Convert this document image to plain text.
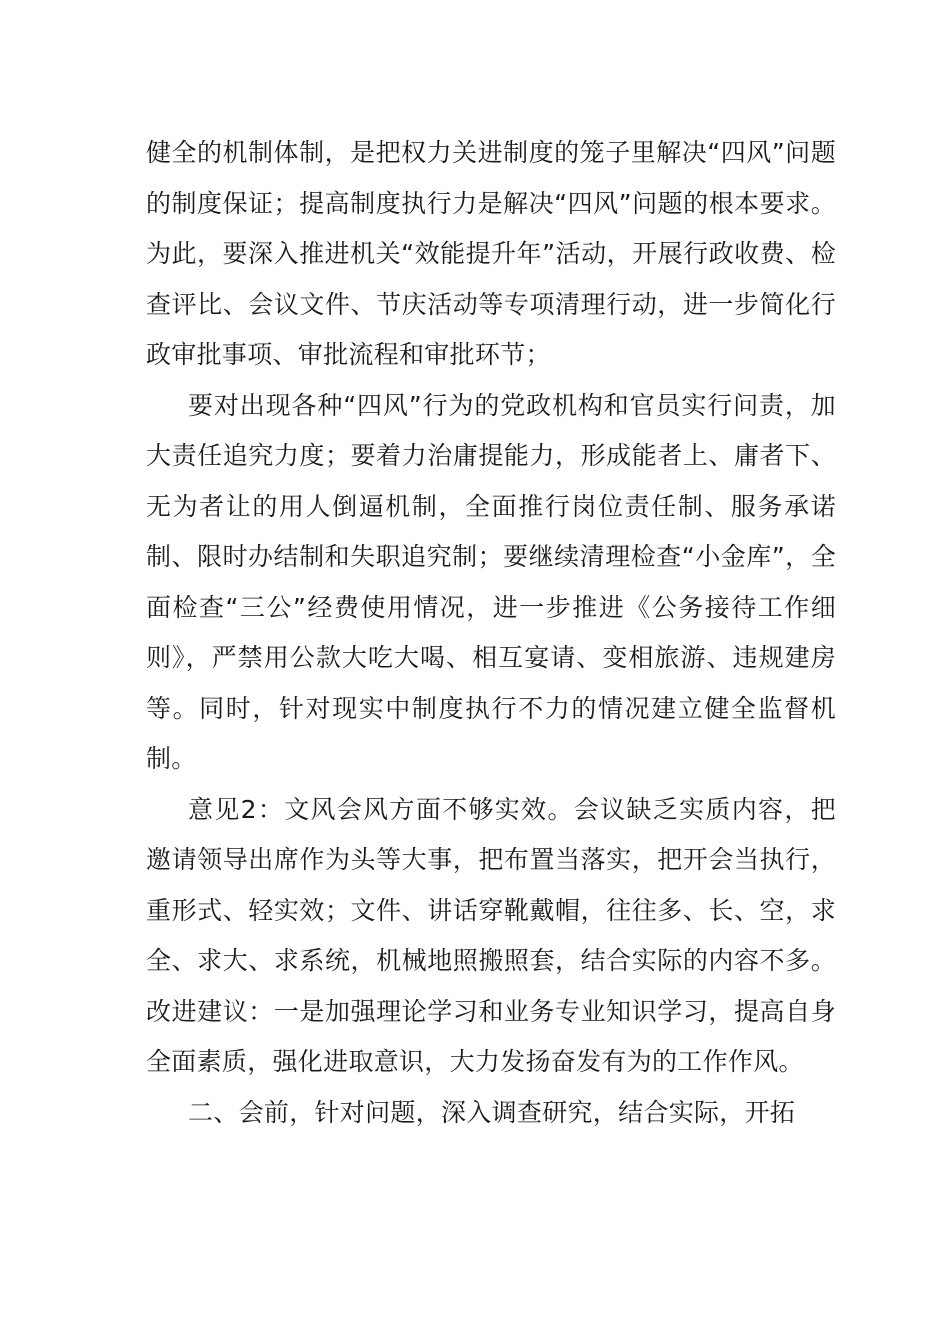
健全的机制体制，是把权力关进制度的笼子里解决“四风”问题的制度保证；提高制度执行力是解决“四风”问题的根本要求。为此，要深入推进机关“效能提升年”活动，开展行政收费、检查评比、会议文件、节庆活动等专项清理行动，进一步简化行政审批事项、审批流程和审批环节；

要对出现各种“四风”行为的党政机构和官员实行问责，加大责任追究力度；要着力治庸提能力，形成能者上、庸者下、无为者让的用人倒逼机制，全面推行岗位责任制、服务承诺制、限时办结制和失职追究制；要继续清理检查“小金库”，全面检查“三公”经费使用情况，进一步推进《公务接待工作细则》，严禁用公款大吃大喝、相互宴请、变相旅游、违规建房等。同时，针对现实中制度执行不力的情况建立健全监督机制。

意见2：文风会风方面不够实效。会议缺乏实质内容，把邀请领导出席作为头等大事，把布置当落实，把开会当执行，重形式、轻实效；文件、讲话穿靴戴帽，往往多、长、空，求全、求大、求系统，机械地照搬照套，结合实际的内容不多。改进建议：一是加强理论学习和业务专业知识学习，提高自身全面素质，强化进取意识，大力发扬奋发有为的工作作风。

二、会前，针对问题，深入调查研究，结合实际，开拓
